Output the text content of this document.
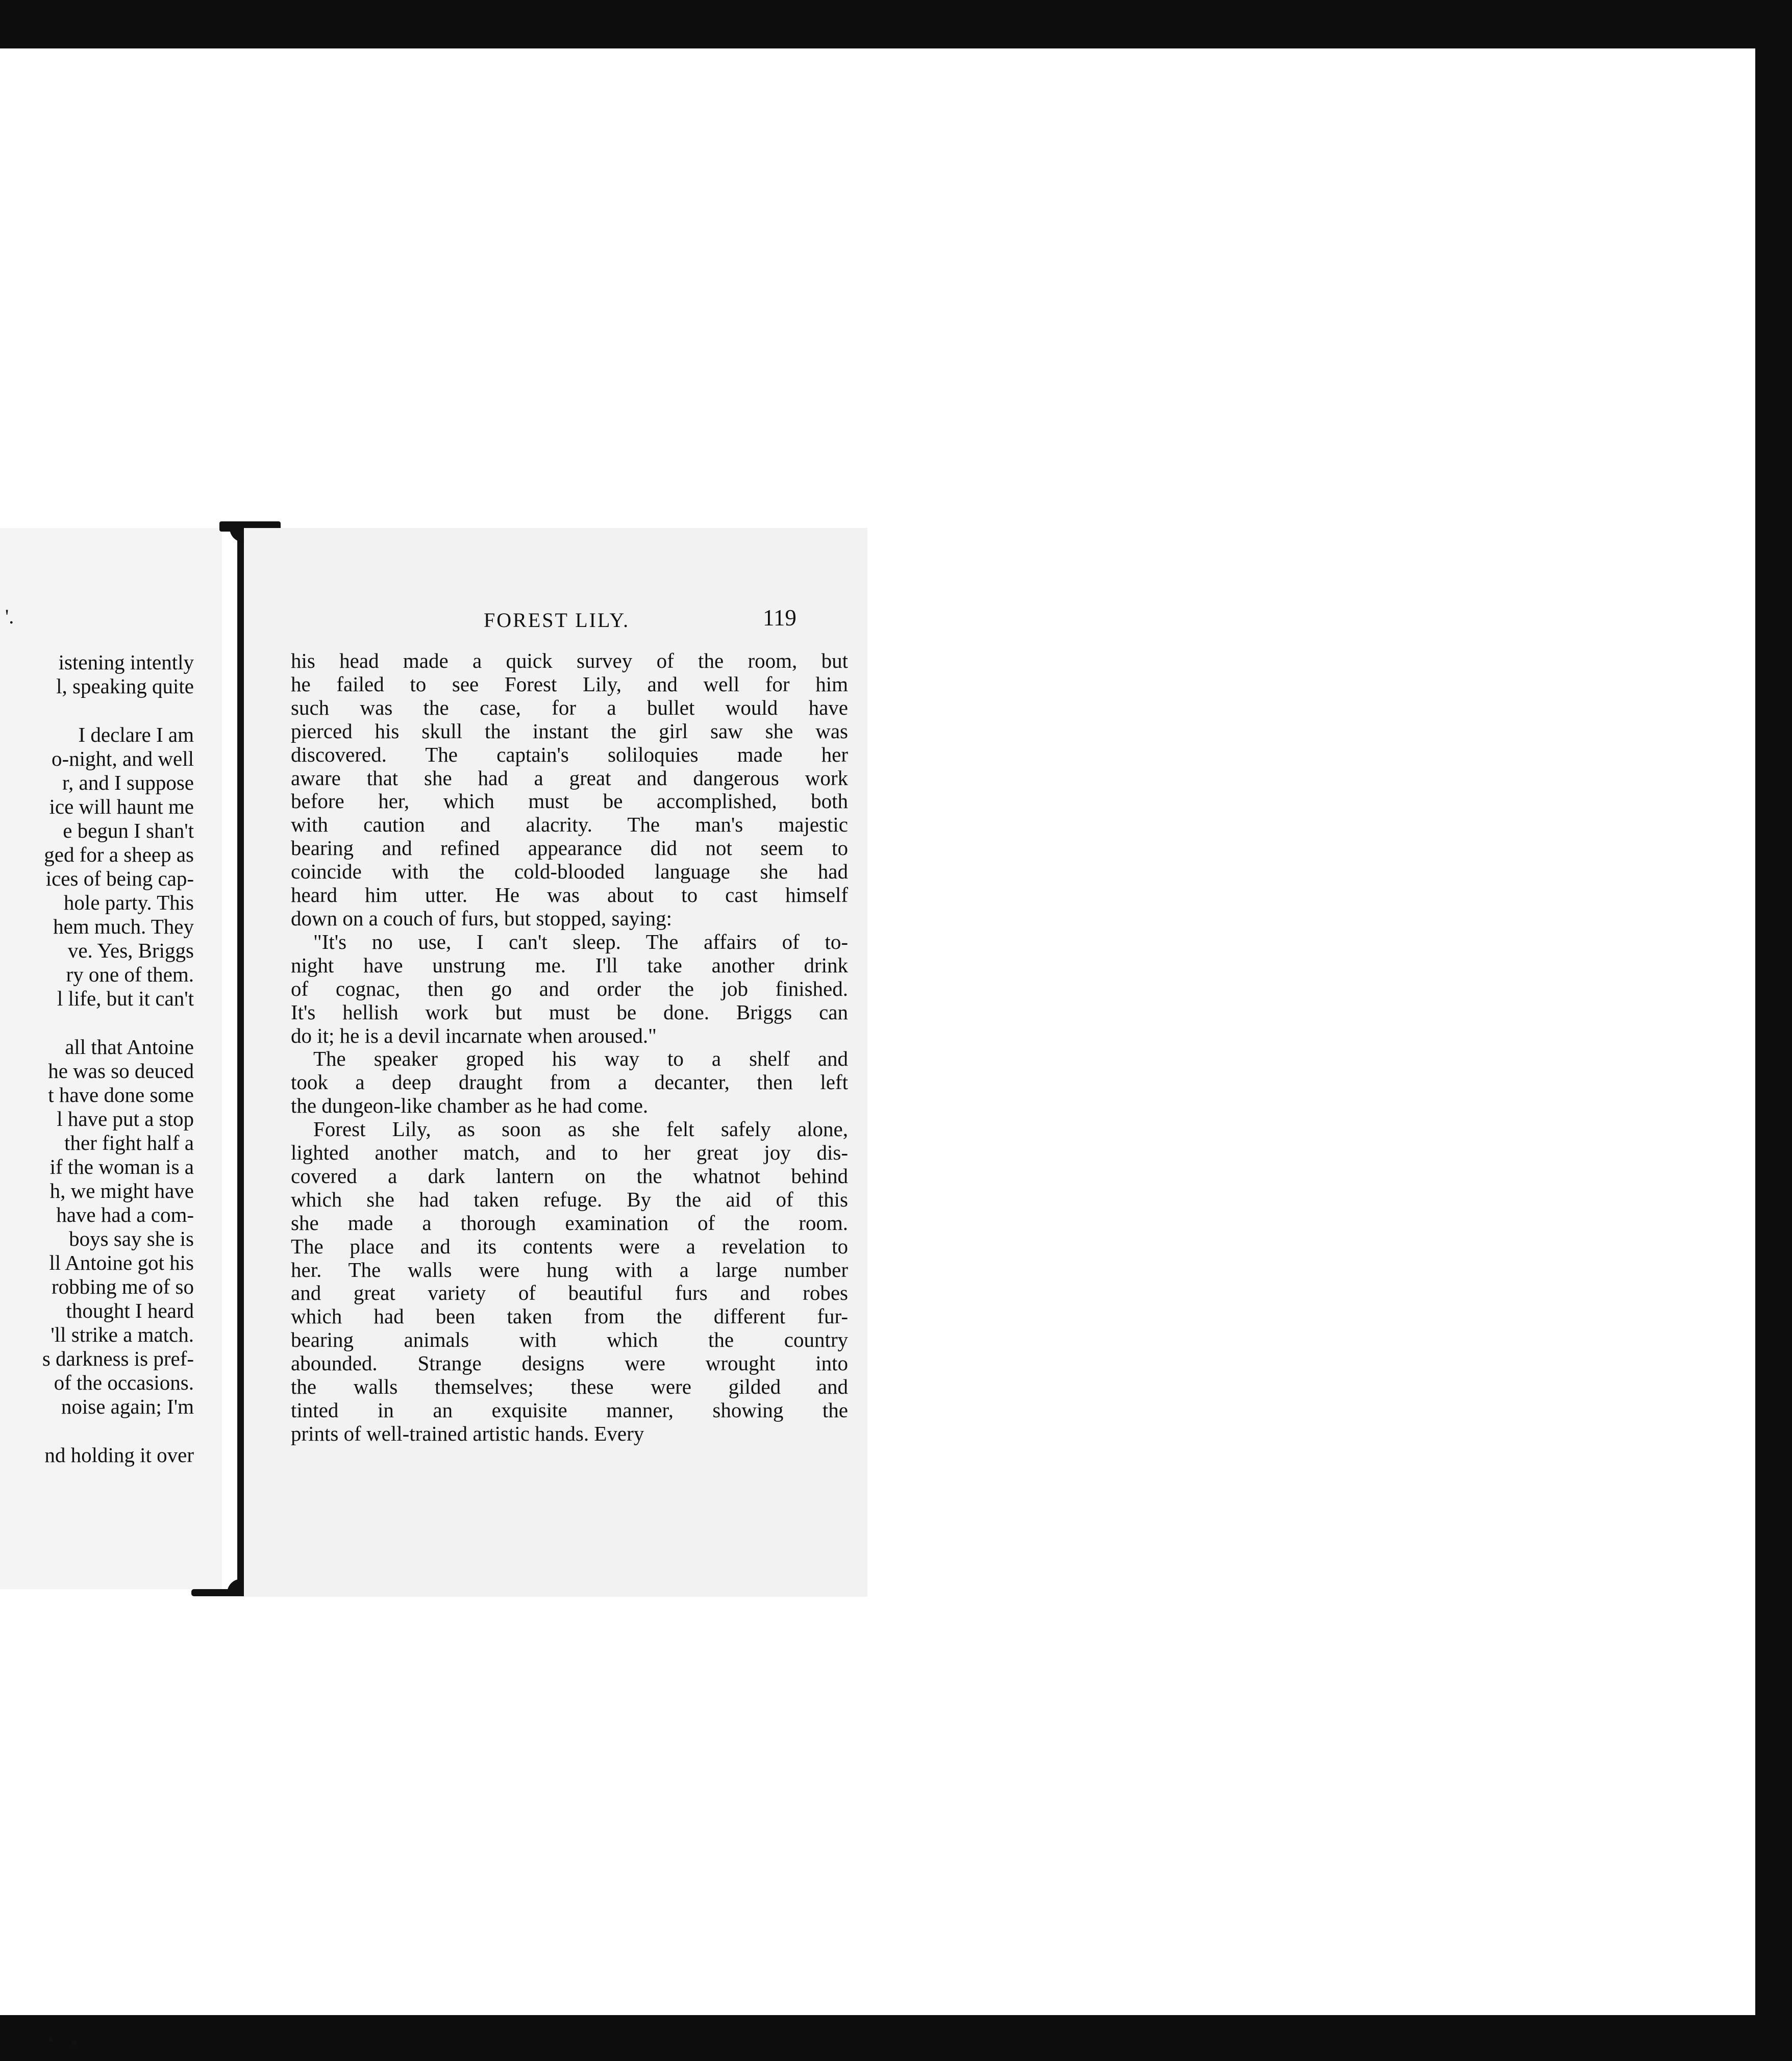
istening intently
l, speaking quite
I declare I am
o-night, and well
r, and I suppose
ice will haunt me
e begun I shan't
ged for a sheep as
ices of being cap-
hole party. This
hem much. They
ve. Yes, Briggs
ry one of them.
l life, but it can't
all that Antoine
he was so deuced
t have done some
l have put a stop
ther fight half a
if the woman is a
h, we might have
have had a com-
boys say she is
ll Antoine got his
robbing me of so
thought I heard
'll strike a match.
s darkness is pref-
of the occasions.
noise again; I'm
nd holding it over
'.	FOREST LILY.	119
his head made a quick survey of the room, but
he failed to see Forest Lily, and well for him
such was the case, for a bullet would have
pierced his skull the instant the girl saw she was
discovered. The captain's soliloquies made her
aware that she had a great and dangerous work
before her, which must be accomplished, both
with caution and alacrity. The man's majestic
bearing and refined appearance did not seem to
coincide with the cold-blooded language she had
heard him utter. He was about to cast himself
down on a couch of furs, but stopped, saying:
"It's no use, I can't sleep. The affairs of to-
night have unstrung me. I'll take another drink
of cognac, then go and order the job finished.
It's hellish work but must be done. Briggs can
do it; he is a devil incarnate when aroused."
The speaker groped his way to a shelf and
took a deep draught from a decanter, then left
the dungeon-like chamber as he had come.
Forest Lily, as soon as she felt safely alone,
lighted another match, and to her great joy dis-
covered a dark lantern on the whatnot behind
which she had taken refuge. By the aid of this
she made a thorough examination of the room.
The place and its contents were a revelation to
her. The walls were hung with a large number
and great variety of beautiful furs and robes
which had been taken from the different fur-
bearing animals with which the country
abounded. Strange designs were wrought into
the walls themselves; these were gilded and
tinted in an exquisite manner, showing the
prints of well-trained artistic hands. Every
